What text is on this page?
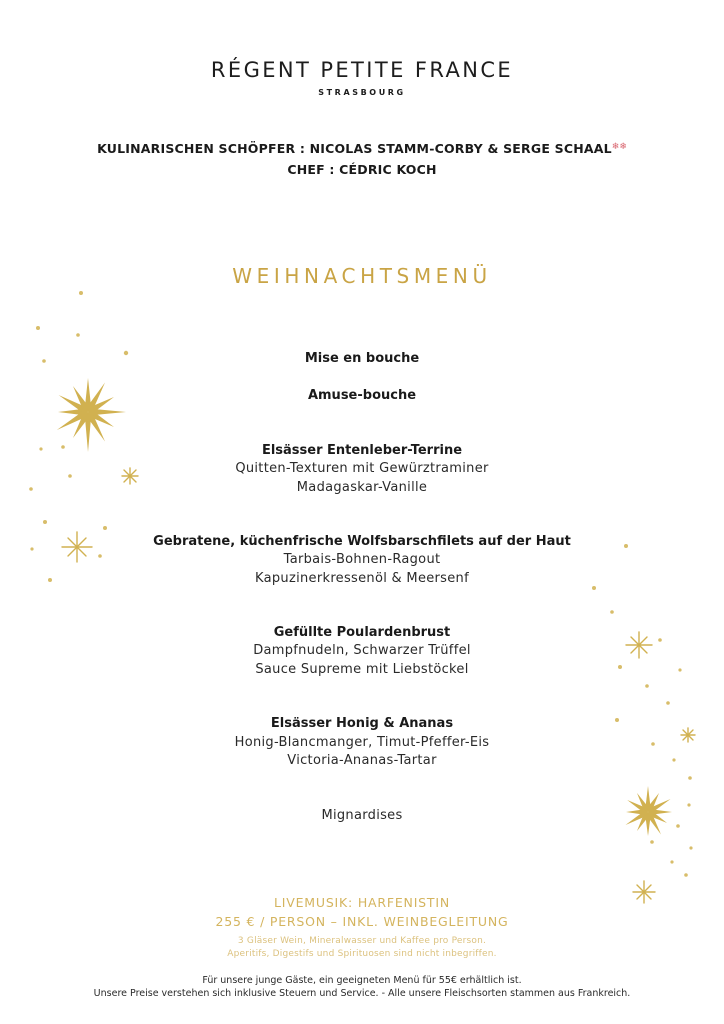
RÉGENT PETITE FRANCE
STRASBOURG
KULINARISCHEN SCHÖPFER : NICOLAS STAMM-CORBY & SERGE SCHAAL❄❄
CHEF : CÉDRIC KOCH
WEIHNACHTSMENÜ
Mise en bouche
Amuse-bouche
Elsässer Entenleber-Terrine
Quitten-Texturen mit Gewürztraminer
Madagaskar-Vanille
Gebratene, küchenfrische Wolfsbarschfilets auf der Haut
Tarbais-Bohnen-Ragout
Kapuzinerkressenöl & Meersenf
Gefüllte Poulardenbrust
Dampfnudeln, Schwarzer Trüffel
Sauce Supreme mit Liebstöckel
Elsässer Honig & Ananas
Honig-Blancmanger, Timut-Pfeffer-Eis
Victoria-Ananas-Tartar
Mignardises
LIVEMUSIK: HARFENISTIN
255 € / PERSON – INKL. WEINBEGLEITUNG
3 Gläser Wein, Mineralwasser und Kaffee pro Person.
Aperitifs, Digestifs und Spirituosen sind nicht inbegriffen.
Für unsere junge Gäste, ein geeigneten Menü für 55€ erhältlich ist.
Unsere Preise verstehen sich inklusive Steuern und Service. - Alle unsere Fleischsorten stammen aus Frankreich.
